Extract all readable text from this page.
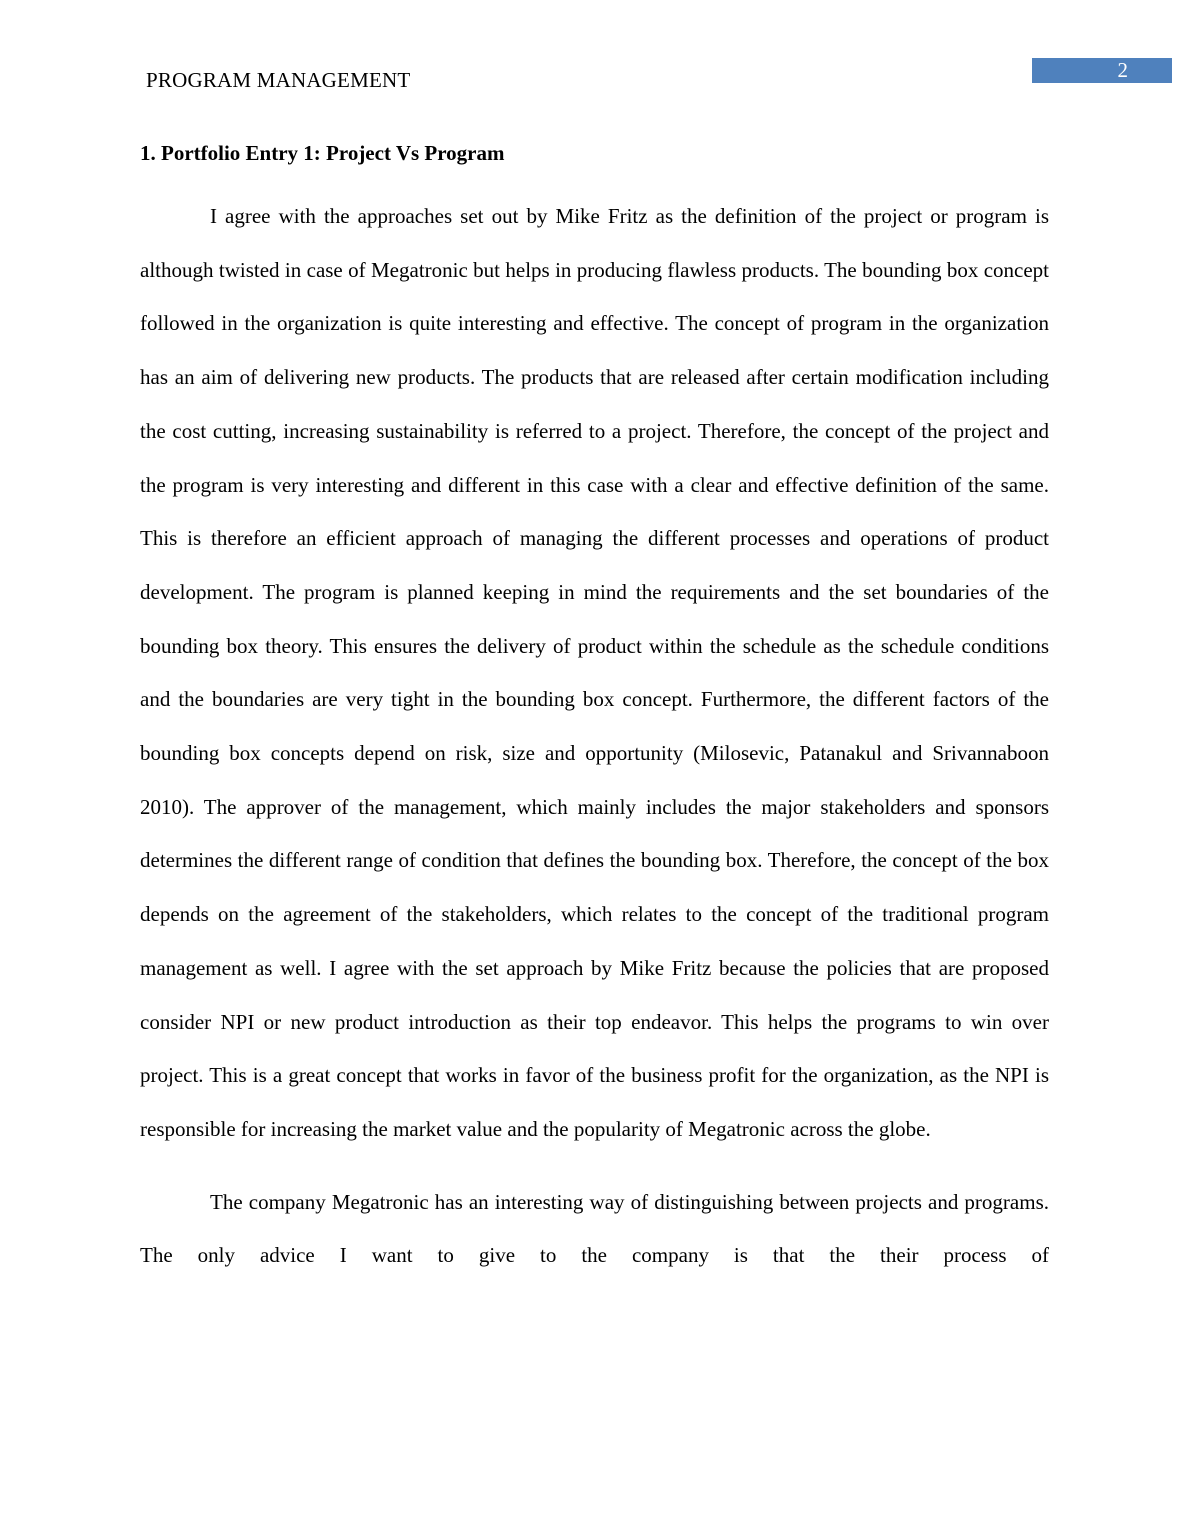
PROGRAM MANAGEMENT	2
1. Portfolio Entry 1: Project Vs Program

I agree with the approaches set out by Mike Fritz as the definition of the project or program is although twisted in case of Megatronic but helps in producing flawless products. The bounding box concept followed in the organization is quite interesting and effective. The concept of program in the organization has an aim of delivering new products. The products that are released after certain modification including the cost cutting, increasing sustainability is referred to a project. Therefore, the concept of the project and the program is very interesting and different in this case with a clear and effective definition of the same. This is therefore an efficient approach of managing the different processes and operations of product development. The program is planned keeping in mind the requirements and the set boundaries of the bounding box theory. This ensures the delivery of product within the schedule as the schedule conditions and the boundaries are very tight in the bounding box concept. Furthermore, the different factors of the bounding box concepts depend on risk, size and opportunity (Milosevic, Patanakul and Srivannaboon 2010). The approver of the management, which mainly includes the major stakeholders and sponsors determines the different range of condition that defines the bounding box. Therefore, the concept of the box depends on the agreement of the stakeholders, which relates to the concept of the traditional program management as well. I agree with the set approach by Mike Fritz because the policies that are proposed consider NPI or new product introduction as their top endeavor. This helps the programs to win over project. This is a great concept that works in favor of the business profit for the organization, as the NPI is responsible for increasing the market value and the popularity of Megatronic across the globe.

The company Megatronic has an interesting way of distinguishing between projects and programs. The only advice I want to give to the company is that the their process of
